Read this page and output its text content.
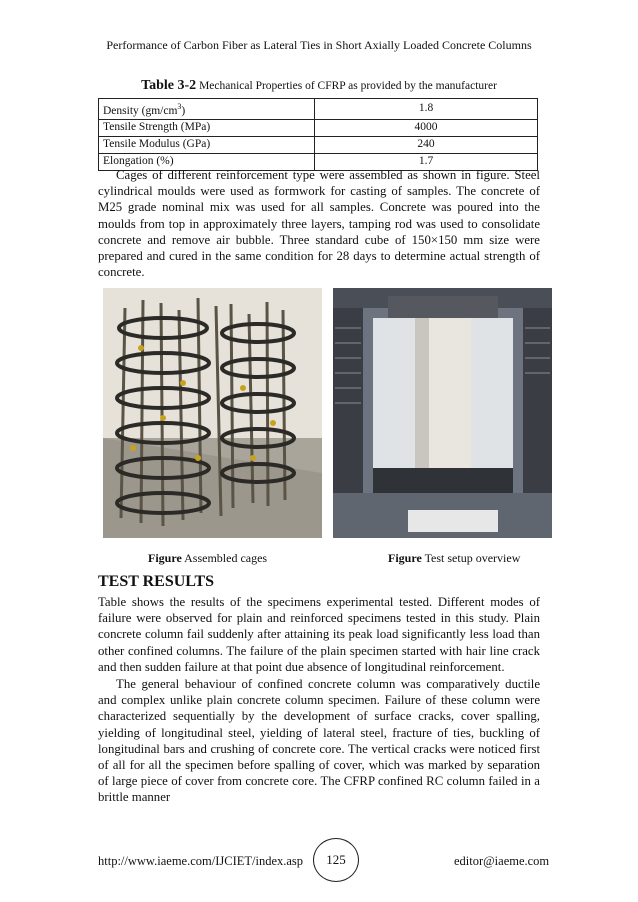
Performance of Carbon Fiber as Lateral Ties in Short Axially Loaded Concrete Columns
Table 3-2 Mechanical Properties of CFRP as provided by the manufacturer
Density $(gm/cm^3)$	1.8
Tensile Strength (MPa)	4000
Tensile Modulus (GPa)	240
Elongation (%)	1.7

Cages of different reinforcement type were assembled as shown in figure. Steel cylindrical moulds were used as formwork for casting of samples. The concrete of M25 grade nominal mix was used for all samples. Concrete was poured into the moulds from top in approximately three layers, tamping rod was used to consolidate concrete and remove air bubble. Three standard cube of 150×150 mm size were prepared and cured in the same condition for 28 days to determine actual strength of concrete.

Figure Assembled cages	Figure Test setup overview
TEST RESULTS

Table shows the results of the specimens experimental tested. Different modes of failure were observed for plain and reinforced specimens tested in this study. Plain concrete column fail suddenly after attaining its peak load significantly less load than other confined columns. The failure of the plain specimen started with hair line crack and then sudden failure at that point due absence of longitudinal reinforcement.

The general behaviour of confined concrete column was comparatively ductile and complex unlike plain concrete column specimen. Failure of these column were characterized sequentially by the development of surface cracks, cover spalling, yielding of longitudinal steel, yielding of lateral steel, fracture of ties, buckling of longitudinal bars and crushing of concrete core. The vertical cracks were noticed first of all for all the specimen before spalling of cover, which was marked by separation of large piece of cover from concrete core. The CFRP confined RC column failed in a brittle manner

http://www.iaeme.com/IJCIET/index.asp	125	editor@iaeme.com
